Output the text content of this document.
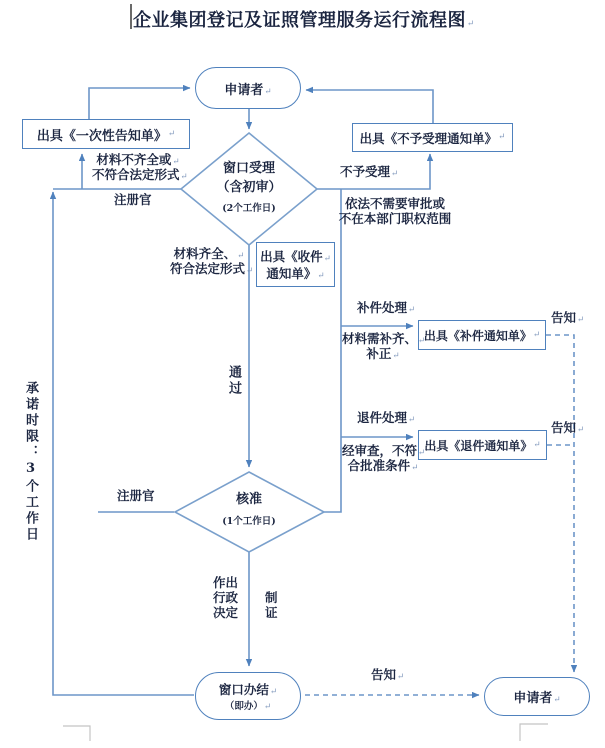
企业集团登记及证照管理服务运行流程图↵
申请者 ↵
出具《一次性告知单》 ↵	出具《不予受理通知单》 ↵
窗口受理
（含初审）
(2个工作日)
材料不齐全或↵
不符合法定形式↵
注册官
不予受理↵
依法不需要审批或
不在本部门职权范围
材料齐全、↵
符合法定形式↵
出具《收件 ↵
通知单》 ↵
通过
补件处理↵
材料需补齐、↵
补正↵
出具《补件通知单》 ↵
告知↵
退件处理↵
经审查，不符↵
合批准条件↵
出具《退件通知单》 ↵
告知↵
核准
(1个工作日)
注册官
作出
行政
决定
制
证
承诺时限：3个工作日
窗口办结 ↵
（即办） ↵
告知↵
申请者 ↵
